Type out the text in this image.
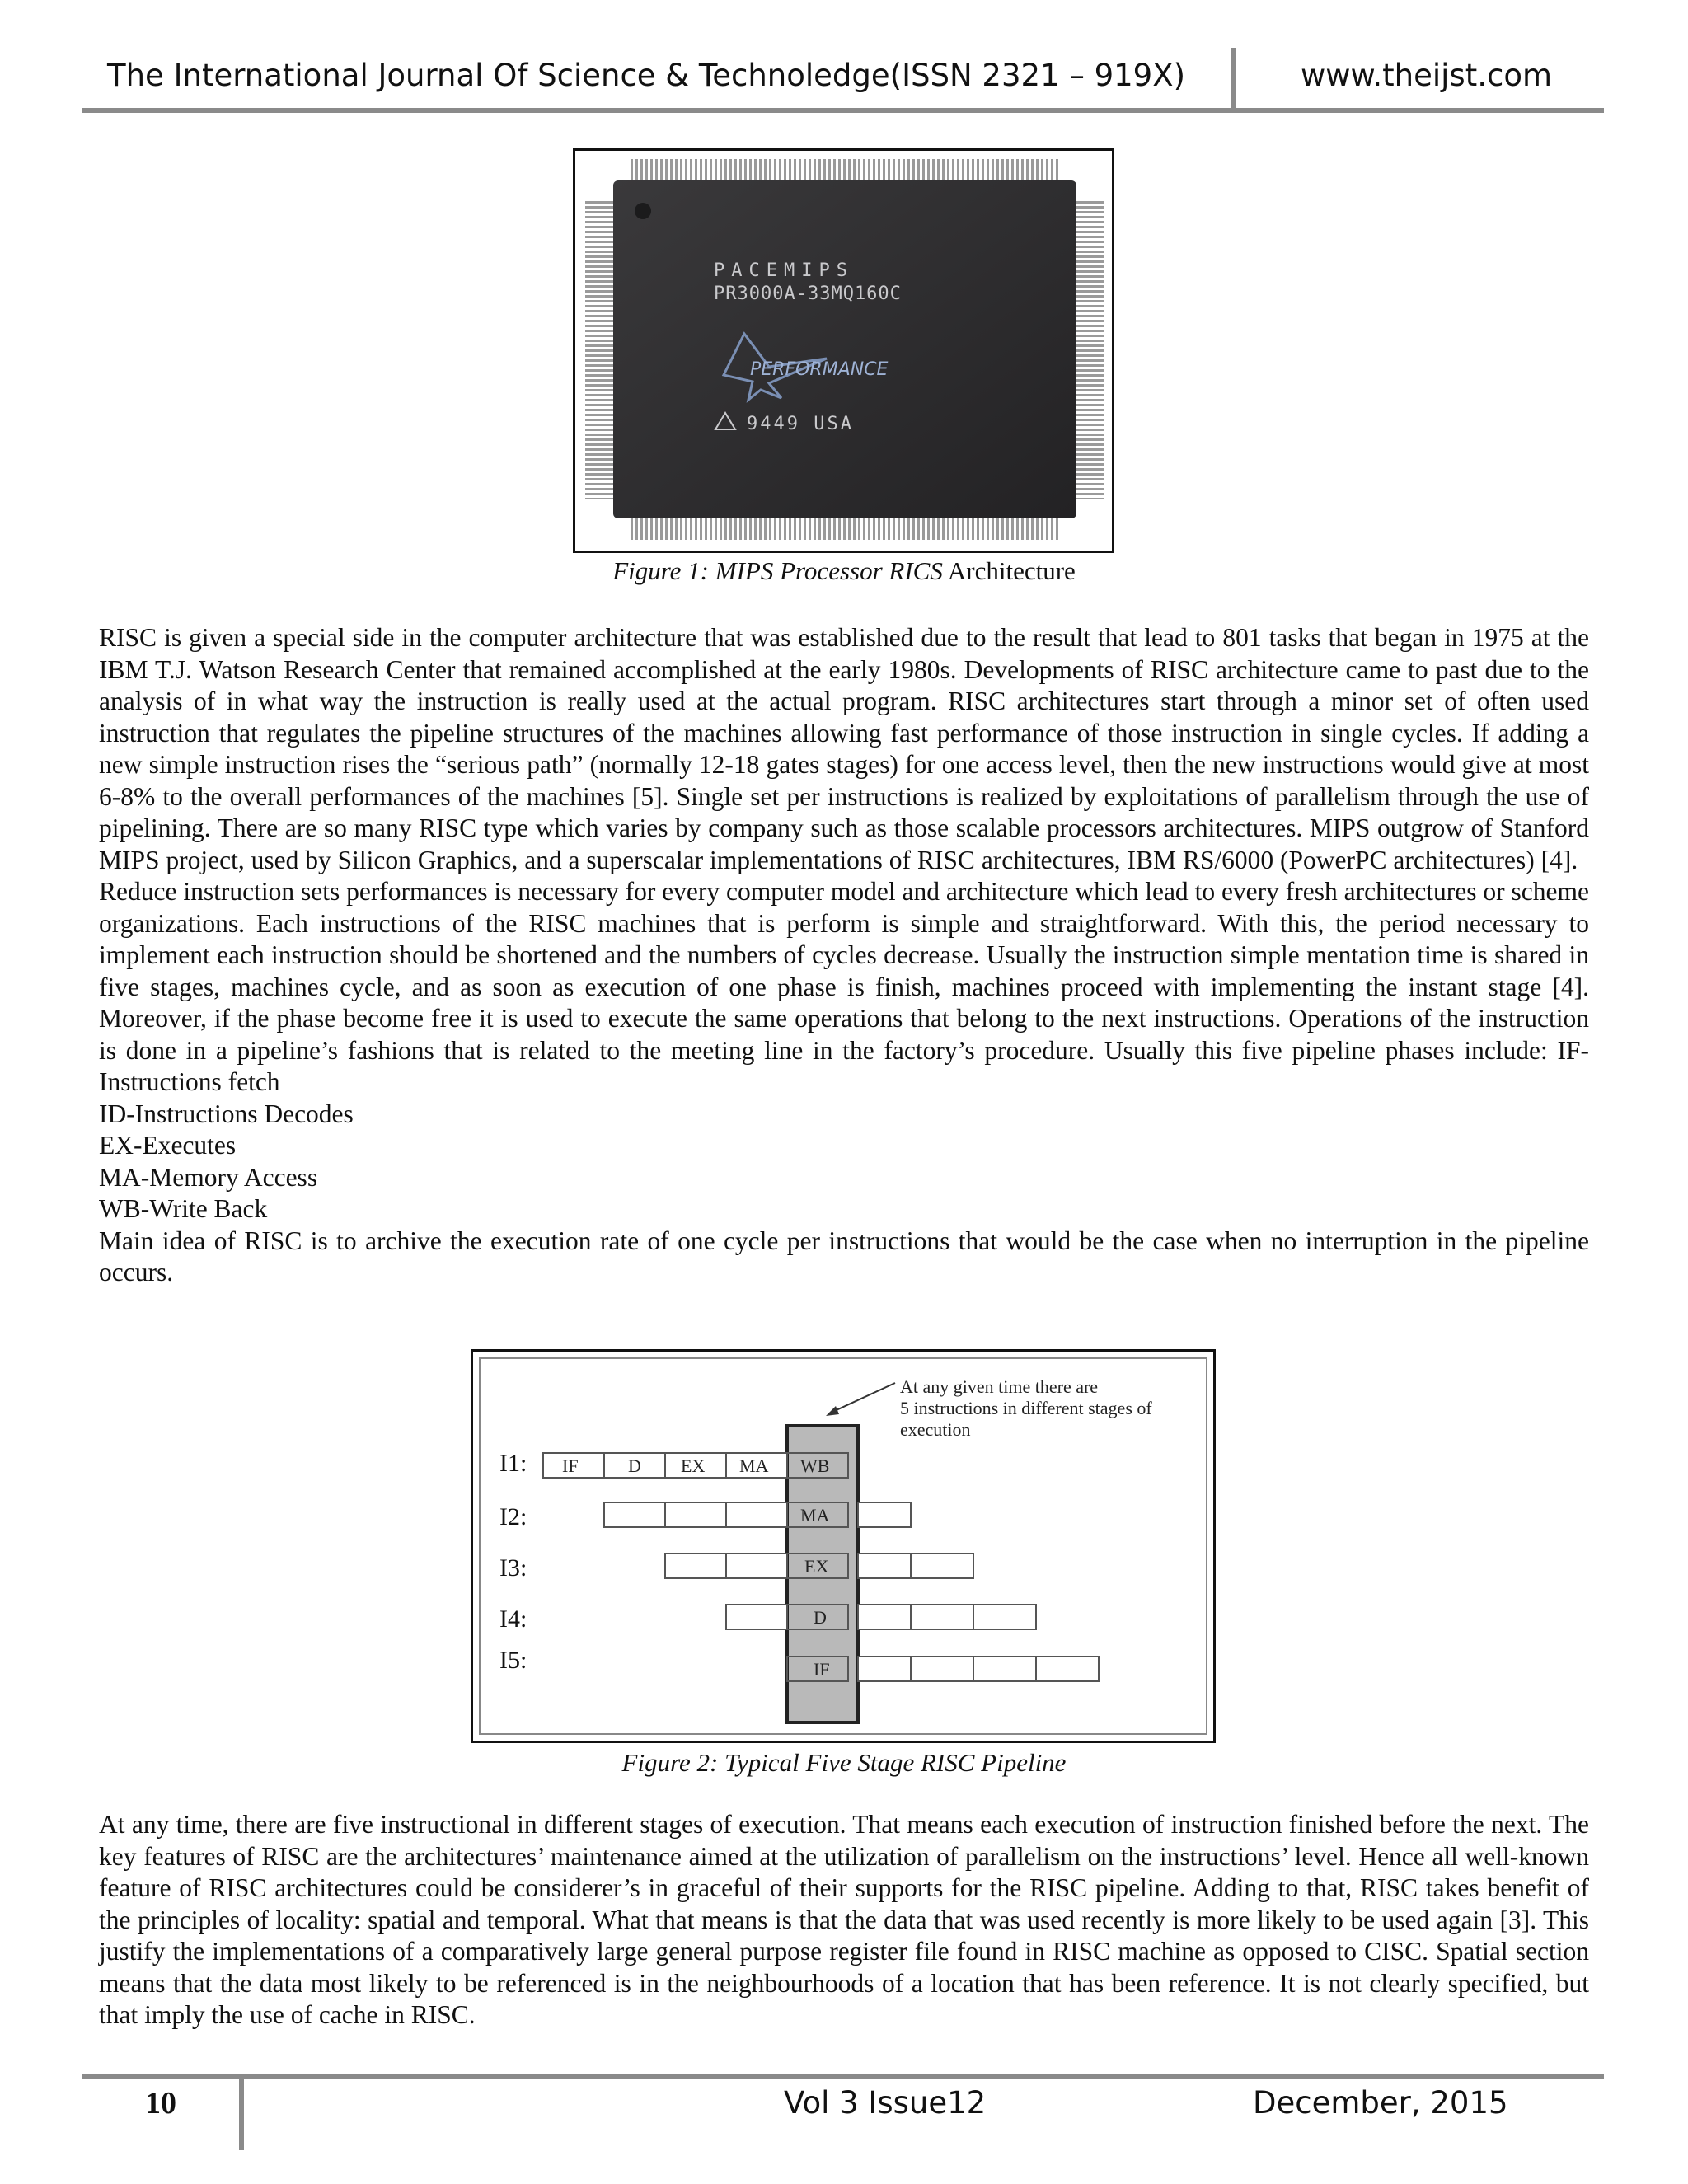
The International Journal Of Science & Technoledge(ISSN 2321 – 919X)	www.theijst.com
PACEMIPS
PR3000A-33MQ160C
PERFORMANCE
9449 USA
Figure 1: MIPS Processor RICS Architecture

RISC is given a special side in the computer architecture that was established due to the result that lead to 801 tasks that began in 1975 at the IBM T.J. Watson Research Center that remained accomplished at the early 1980s. Developments of RISC architecture came to past due to the analysis of in what way the instruction is really used at the actual program. RISC architectures start through a minor set of often used instruction that regulates the pipeline structures of the machines allowing fast performance of those instruction in single cycles. If adding a new simple instruction rises the “serious path” (normally 12-18 gates stages) for one access level, then the new instructions would give at most 6-8% to the overall performances of the machines [5]. Single set per instructions is realized by exploitations of parallelism through the use of pipelining. There are so many RISC type which varies by company such as those scalable processors architectures. MIPS outgrow of Stanford MIPS project, used by Silicon Graphics, and a superscalar implementations of RISC architectures, IBM RS/6000 (PowerPC architectures) [4].

Reduce instruction sets performances is necessary for every computer model and architecture which lead to every fresh architectures or scheme organizations. Each instructions of the RISC machines that is perform is simple and straightforward. With this, the period necessary to implement each instruction should be shortened and the numbers of cycles decrease. Usually the instruction simple mentation time is shared in five stages, machines cycle, and as soon as execution of one phase is finish, machines proceed with implementing the instant stage [4]. Moreover, if the phase become free it is used to execute the same operations that belong to the next instructions. Operations of the instruction is done in a pipeline’s fashions that is related to the meeting line in the factory’s procedure. Usually this five pipeline phases include: IF-Instructions fetch

ID-Instructions Decodes
EX-Executes
MA-Memory Access
WB-Write Back

Main idea of RISC is to archive the execution rate of one cycle per instructions that would be the case when no interruption in the pipeline occurs.

At any given time there are
5 instructions in different stages of
execution
I1:
I2:
I3:
I4:
I5:
IF	D EX MA WB
MA
EX
D
IF
Figure 2: Typical Five Stage RISC Pipeline

At any time, there are five instructional in different stages of execution. That means each execution of instruction finished before the next. The key features of RISC are the architectures’ maintenance aimed at the utilization of parallelism on the instructions’ level. Hence all well-known feature of RISC architectures could be considerer’s in graceful of their supports for the RISC pipeline. Adding to that, RISC takes benefit of the principles of locality: spatial and temporal. What that means is that the data that was used recently is more likely to be used again [3]. This justify the implementations of a comparatively large general purpose register file found in RISC machine as opposed to CISC. Spatial section means that the data most likely to be referenced is in the neighbourhoods of a location that has been reference. It is not clearly specified, but that imply the use of cache in RISC.

10	Vol 3 Issue12	December, 2015
